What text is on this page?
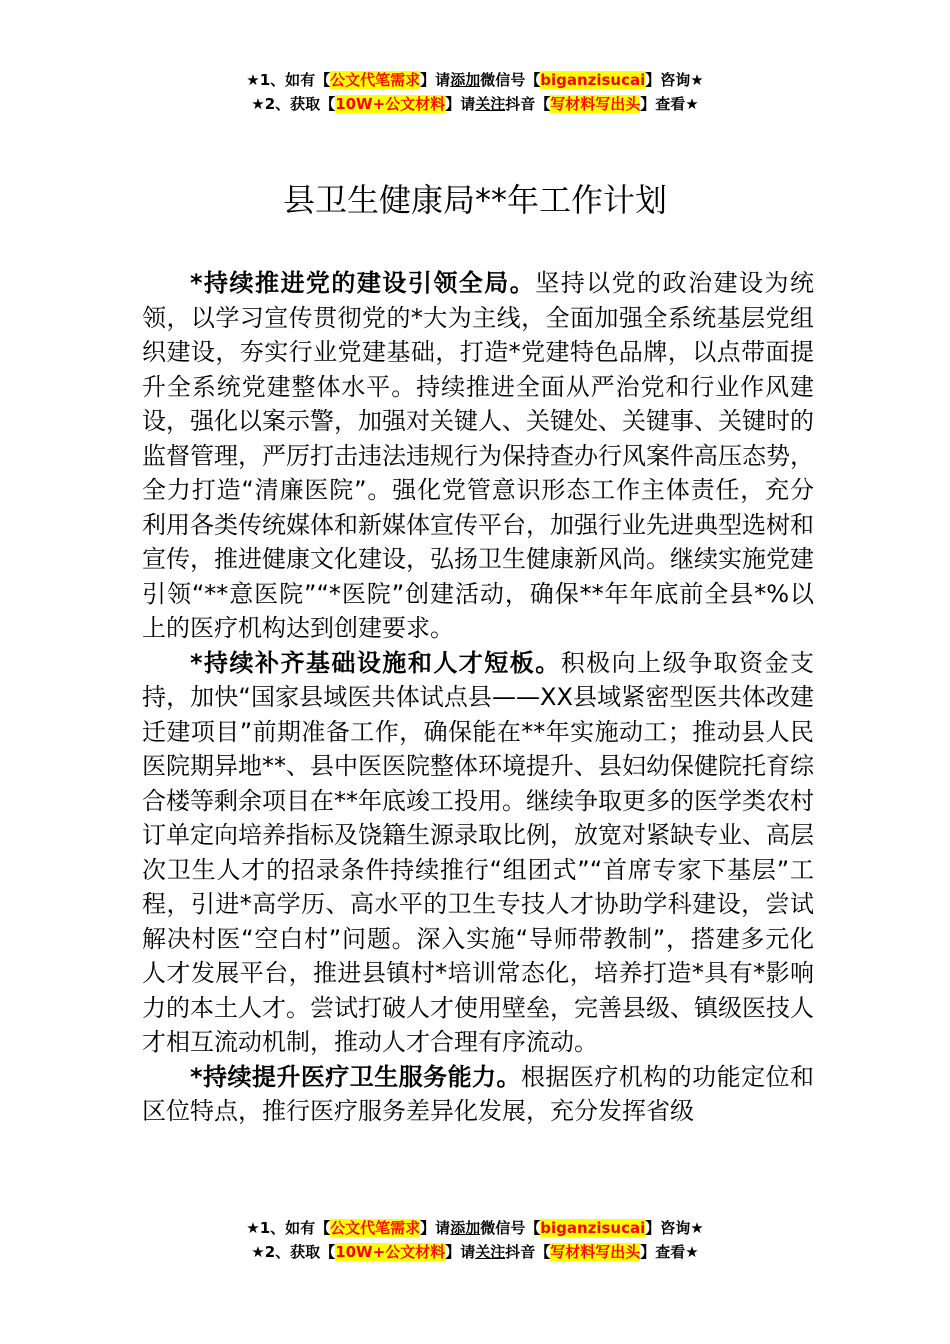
★1、如有【公文代笔需求】请添加微信号【biganzisucai】咨询★
★2、获取【10W+公文材料】请关注抖音【写材料写出头】查看★
县卫生健康局**年工作计划

*持续推进党的建设引领全局。坚持以党的政治建设为统领，以学习宣传贯彻党的*大为主线，全面加强全系统基层党组织建设，夯实行业党建基础，打造*党建特色品牌，以点带面提升全系统党建整体水平。持续推进全面从严治党和行业作风建设，强化以案示警，加强对关键人、关键处、关键事、关键时的监督管理，严厉打击违法违规行为保持查办行风案件高压态势，全力打造“清廉医院”。强化党管意识形态工作主体责任，充分利用各类传统媒体和新媒体宣传平台，加强行业先进典型选树和宣传，推进健康文化建设，弘扬卫生健康新风尚。继续实施党建引领“**意医院”“*医院”创建活动，确保**年年底前全县*%以上的医疗机构达到创建要求。

*持续补齐基础设施和人才短板。积极向上级争取资金支持，加快“国家县域医共体试点县——XX县域紧密型医共体改建迁建项目”前期准备工作，确保能在**年实施动工；推动县人民医院期异地**、县中医医院整体环境提升、县妇幼保健院托育综合楼等剩余项目在**年底竣工投用。继续争取更多的医学类农村订单定向培养指标及饶籍生源录取比例，放宽对紧缺专业、高层次卫生人才的招录条件持续推行“组团式”“首席专家下基层”工程，引进*高学历、高水平的卫生专技人才协助学科建设，尝试解决村医“空白村”问题。深入实施“导师带教制”，搭建多元化人才发展平台，推进县镇村*培训常态化，培养打造*具有*影响力的本土人才。尝试打破人才使用壁垒，完善县级、镇级医技人才相互流动机制，推动人才合理有序流动。

*持续提升医疗卫生服务能力。根据医疗机构的功能定位和区位特点，推行医疗服务差异化发展，充分发挥省级

★1、如有【公文代笔需求】请添加微信号【biganzisucai】咨询★
★2、获取【10W+公文材料】请关注抖音【写材料写出头】查看★
